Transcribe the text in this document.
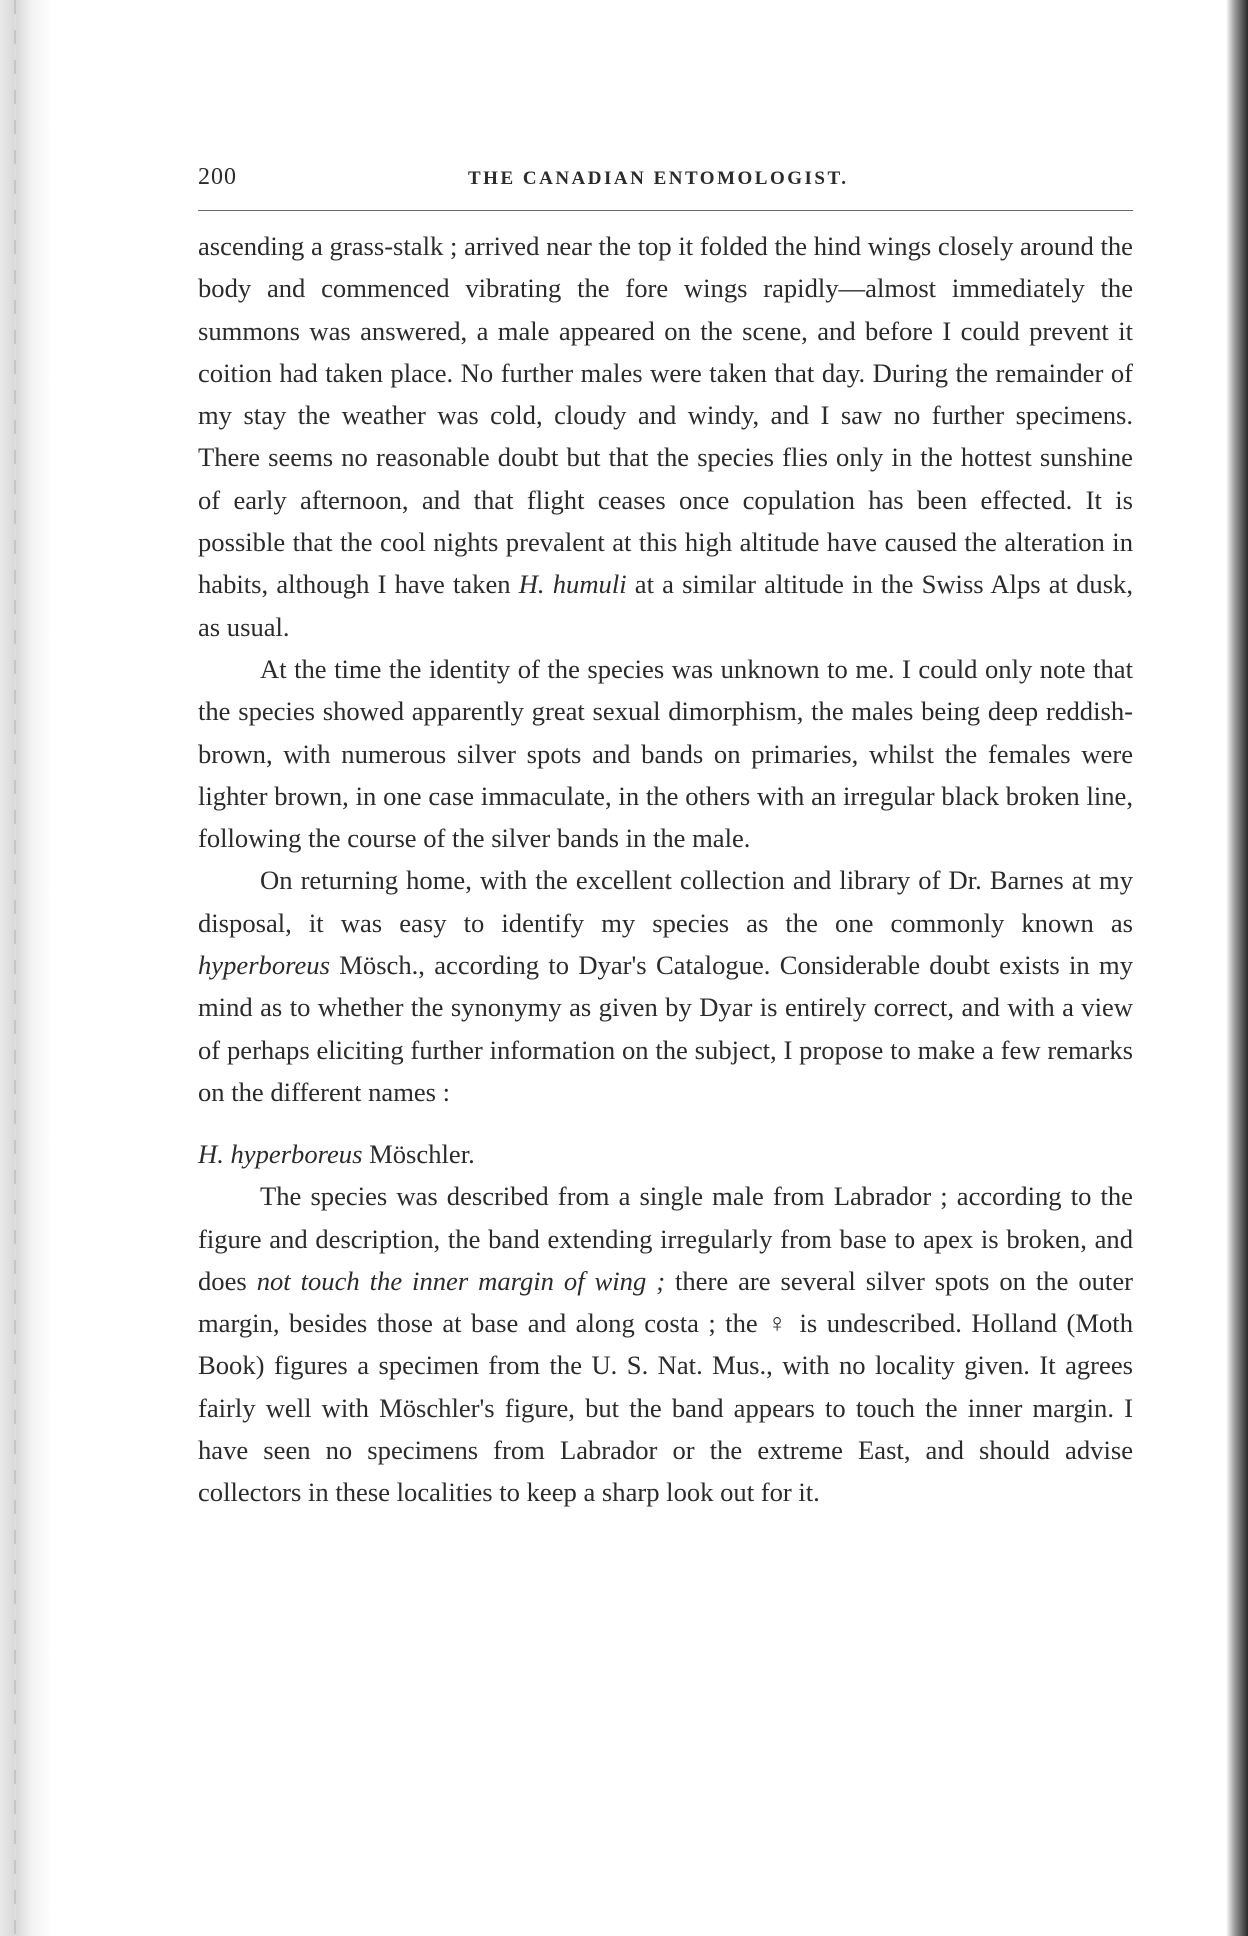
200	THE CANADIAN ENTOMOLOGIST.

ascending a grass-stalk ; arrived near the top it folded the hind wings closely around the body and commenced vibrating the fore wings rapidly—almost immediately the summons was answered, a male appeared on the scene, and before I could prevent it coition had taken place. No further males were taken that day. During the remainder of my stay the weather was cold, cloudy and windy, and I saw no further specimens. There seems no reasonable doubt but that the species flies only in the hottest sunshine of early afternoon, and that flight ceases once copulation has been effected. It is possible that the cool nights prevalent at this high altitude have caused the alteration in habits, although I have taken H. humuli at a similar altitude in the Swiss Alps at dusk, as usual.

At the time the identity of the species was unknown to me. I could only note that the species showed apparently great sexual dimorphism, the males being deep reddish-brown, with numerous silver spots and bands on primaries, whilst the females were lighter brown, in one case immaculate, in the others with an irregular black broken line, following the course of the silver bands in the male.

On returning home, with the excellent collection and library of Dr. Barnes at my disposal, it was easy to identify my species as the one commonly known as hyperboreus Mösch., according to Dyar's Catalogue. Considerable doubt exists in my mind as to whether the synonymy as given by Dyar is entirely correct, and with a view of perhaps eliciting further information on the subject, I propose to make a few remarks on the different names :

H. hyperboreus Möschler.

The species was described from a single male from Labrador ; according to the figure and description, the band extending irregularly from base to apex is broken, and does not touch the inner margin of wing ; there are several silver spots on the outer margin, besides those at base and along costa ; the ♀ is undescribed. Holland (Moth Book) figures a specimen from the U. S. Nat. Mus., with no locality given. It agrees fairly well with Möschler's figure, but the band appears to touch the inner margin. I have seen no specimens from Labrador or the extreme East, and should advise collectors in these localities to keep a sharp look out for it.
